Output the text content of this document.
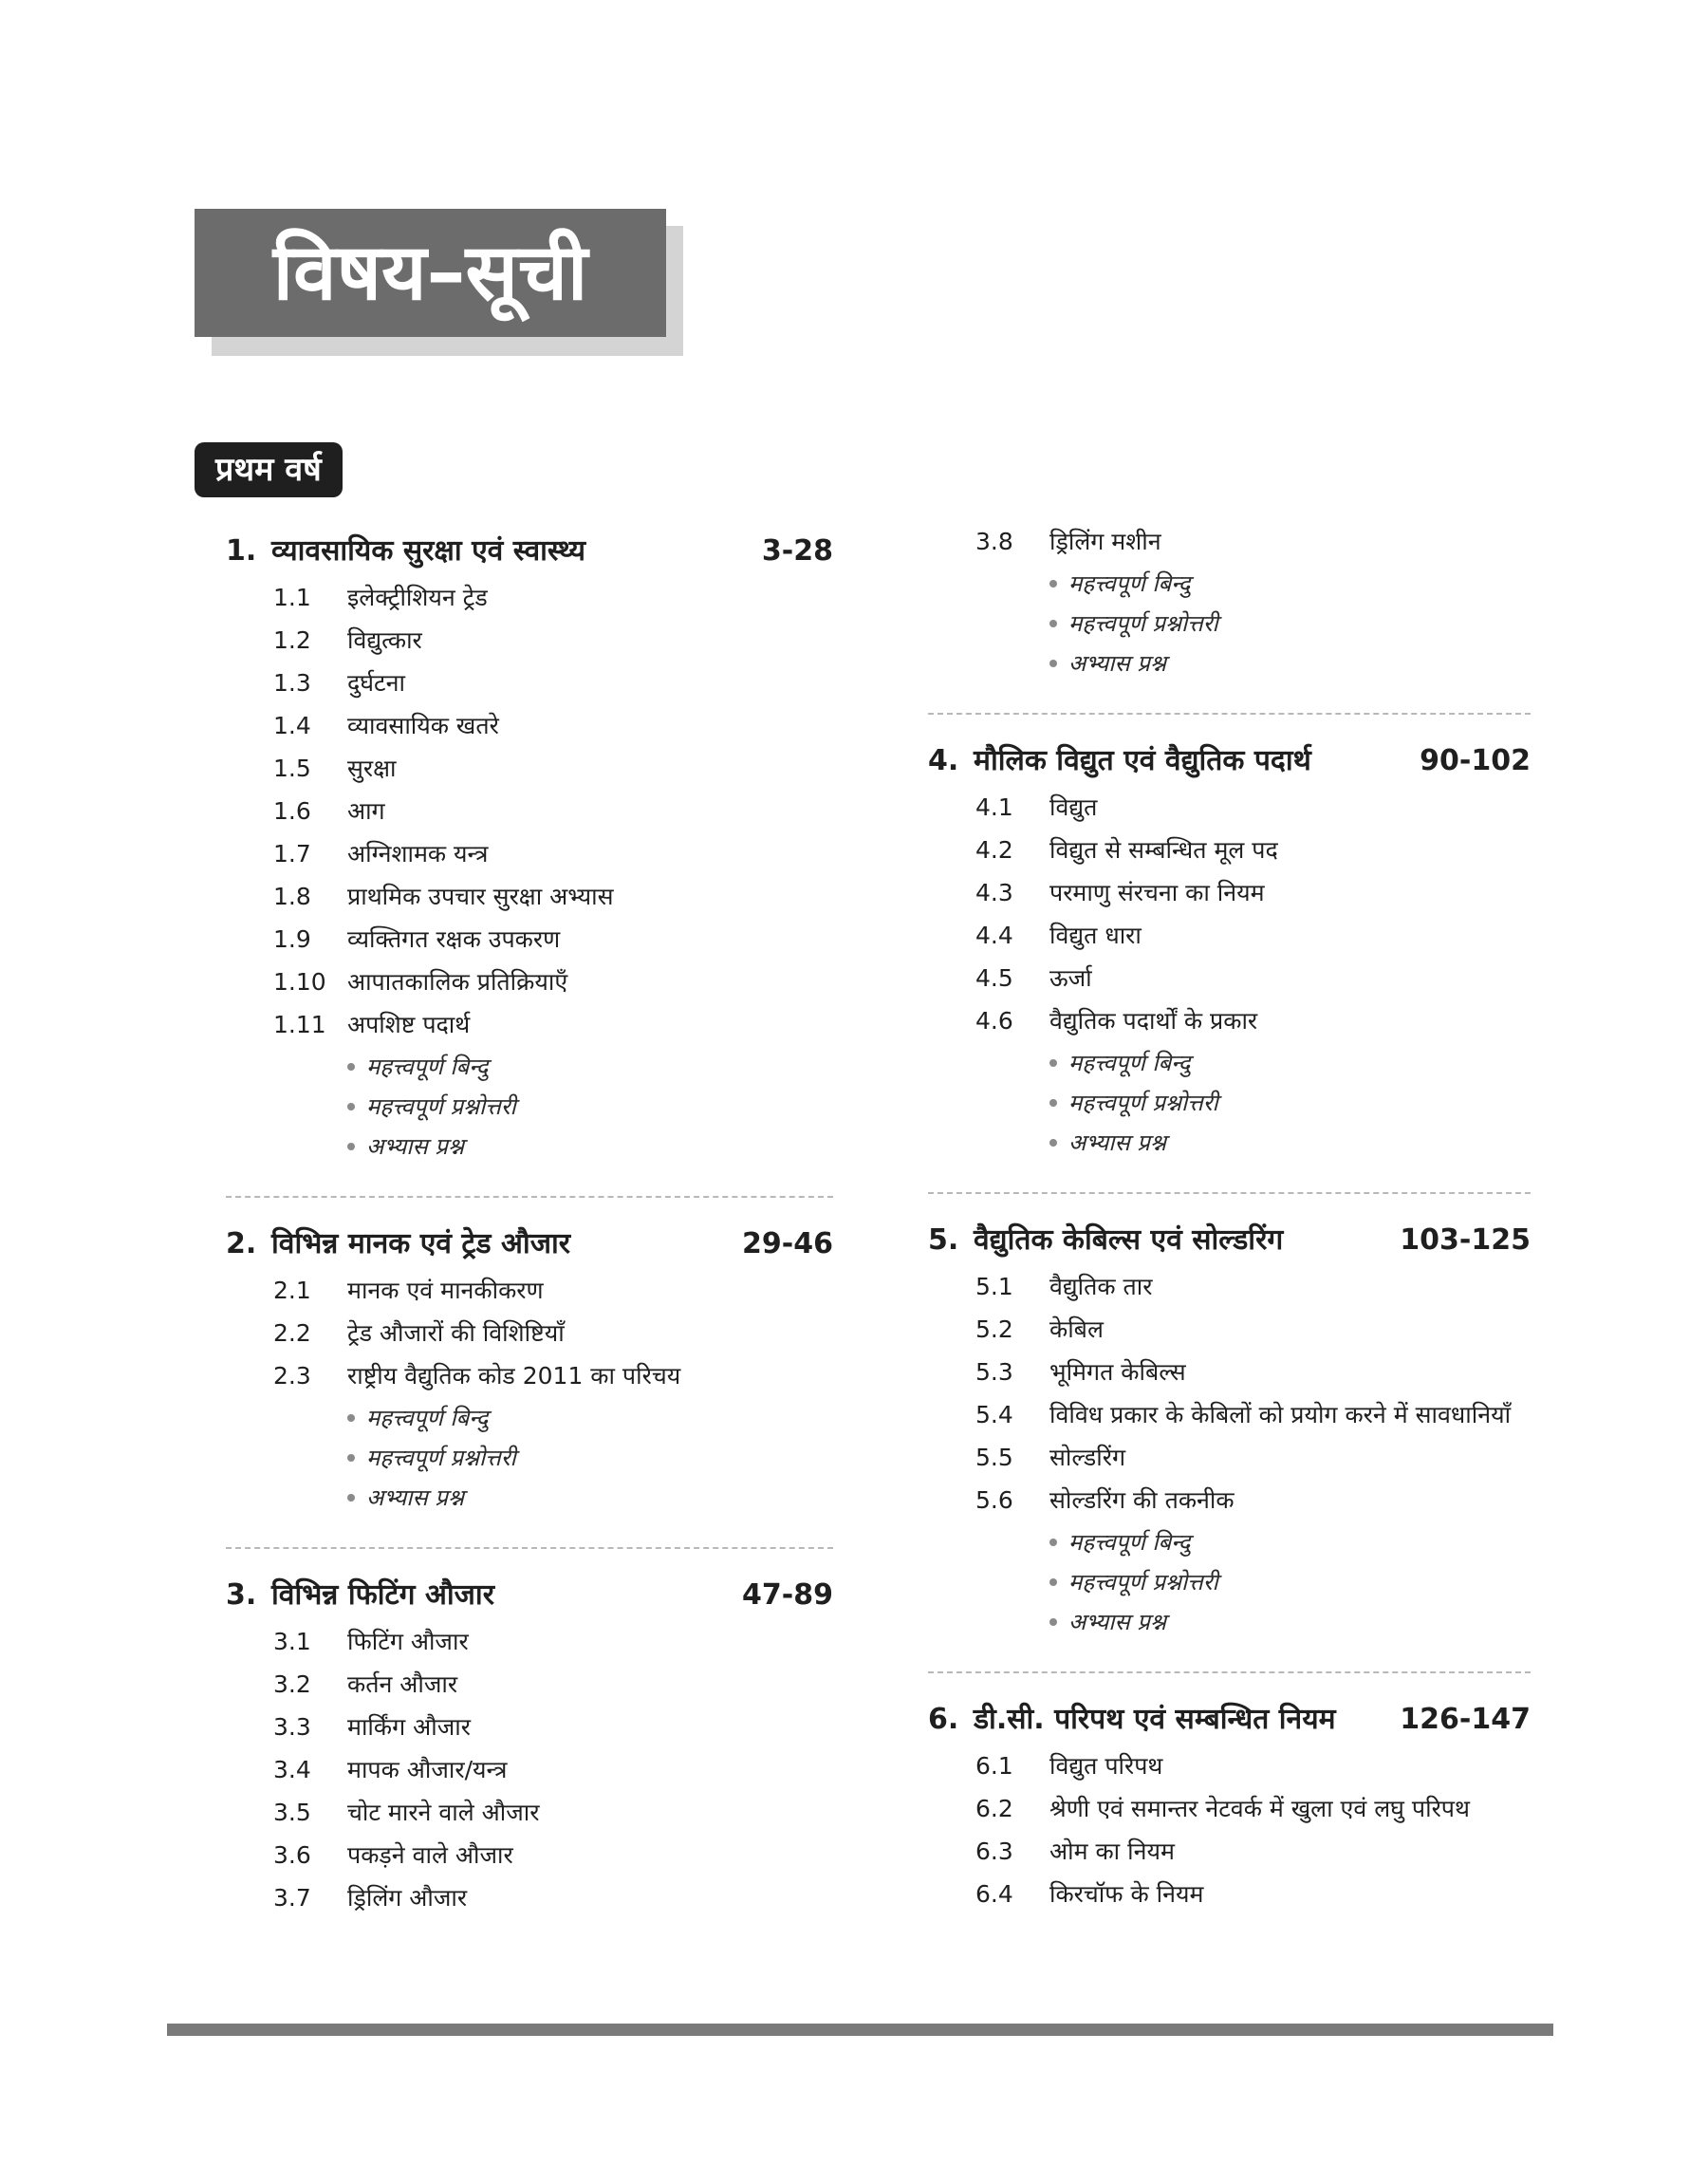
विषय–सूची
प्रथम वर्ष
1. व्यावसायिक सुरक्षा एवं स्वास्थ्य	3-28
1.1	इलेक्ट्रीशियन ट्रेड
1.2	विद्युत्कार
1.3	दुर्घटना
1.4	व्यावसायिक खतरे
1.5	सुरक्षा
1.6	आग
1.7	अग्निशामक यन्त्र
1.8	प्राथमिक उपचार सुरक्षा अभ्यास
1.9	व्यक्तिगत रक्षक उपकरण
1.10 आपातकालिक प्रतिक्रियाएँ
1.11 अपशिष्ट पदार्थ
महत्त्वपूर्ण बिन्दु
महत्त्वपूर्ण प्रश्नोत्तरी
अभ्यास प्रश्न
2. विभिन्न मानक एवं ट्रेड औजार	29-46
2.1	मानक एवं मानकीकरण
2.2	ट्रेड औजारों की विशिष्टियाँ
2.3	राष्ट्रीय वैद्युतिक कोड 2011 का परिचय
महत्त्वपूर्ण बिन्दु
महत्त्वपूर्ण प्रश्नोत्तरी
अभ्यास प्रश्न
3. विभिन्न फिटिंग औजार	47-89
3.1	फिटिंग औजार
3.2	कर्तन औजार
3.3	मार्किंग औजार
3.4	मापक औजार/यन्त्र
3.5	चोट मारने वाले औजार
3.6	पकड़ने वाले औजार
3.7	ड्रिलिंग औजार
3.8	ड्रिलिंग मशीन
महत्त्वपूर्ण बिन्दु
महत्त्वपूर्ण प्रश्नोत्तरी
अभ्यास प्रश्न
4. मौलिक विद्युत एवं वैद्युतिक पदार्थ	90-102
4.1	विद्युत
4.2	विद्युत से सम्बन्धित मूल पद
4.3	परमाणु संरचना का नियम
4.4	विद्युत धारा
4.5	ऊर्जा
4.6	वैद्युतिक पदार्थों के प्रकार
महत्त्वपूर्ण बिन्दु
महत्त्वपूर्ण प्रश्नोत्तरी
अभ्यास प्रश्न
5. वैद्युतिक केबिल्स एवं सोल्डरिंग	103-125
5.1	वैद्युतिक तार
5.2	केबिल
5.3	भूमिगत केबिल्स
5.4	विविध प्रकार के केबिलों को प्रयोग करने में सावधानियाँ
5.5	सोल्डरिंग
5.6	सोल्डरिंग की तकनीक
महत्त्वपूर्ण बिन्दु
महत्त्वपूर्ण प्रश्नोत्तरी
अभ्यास प्रश्न
6. डी.सी. परिपथ एवं सम्बन्धित नियम	126-147
6.1	विद्युत परिपथ
6.2	श्रेणी एवं समान्तर नेटवर्क में खुला एवं लघु परिपथ
6.3	ओम का नियम
6.4	किरचॉफ के नियम
